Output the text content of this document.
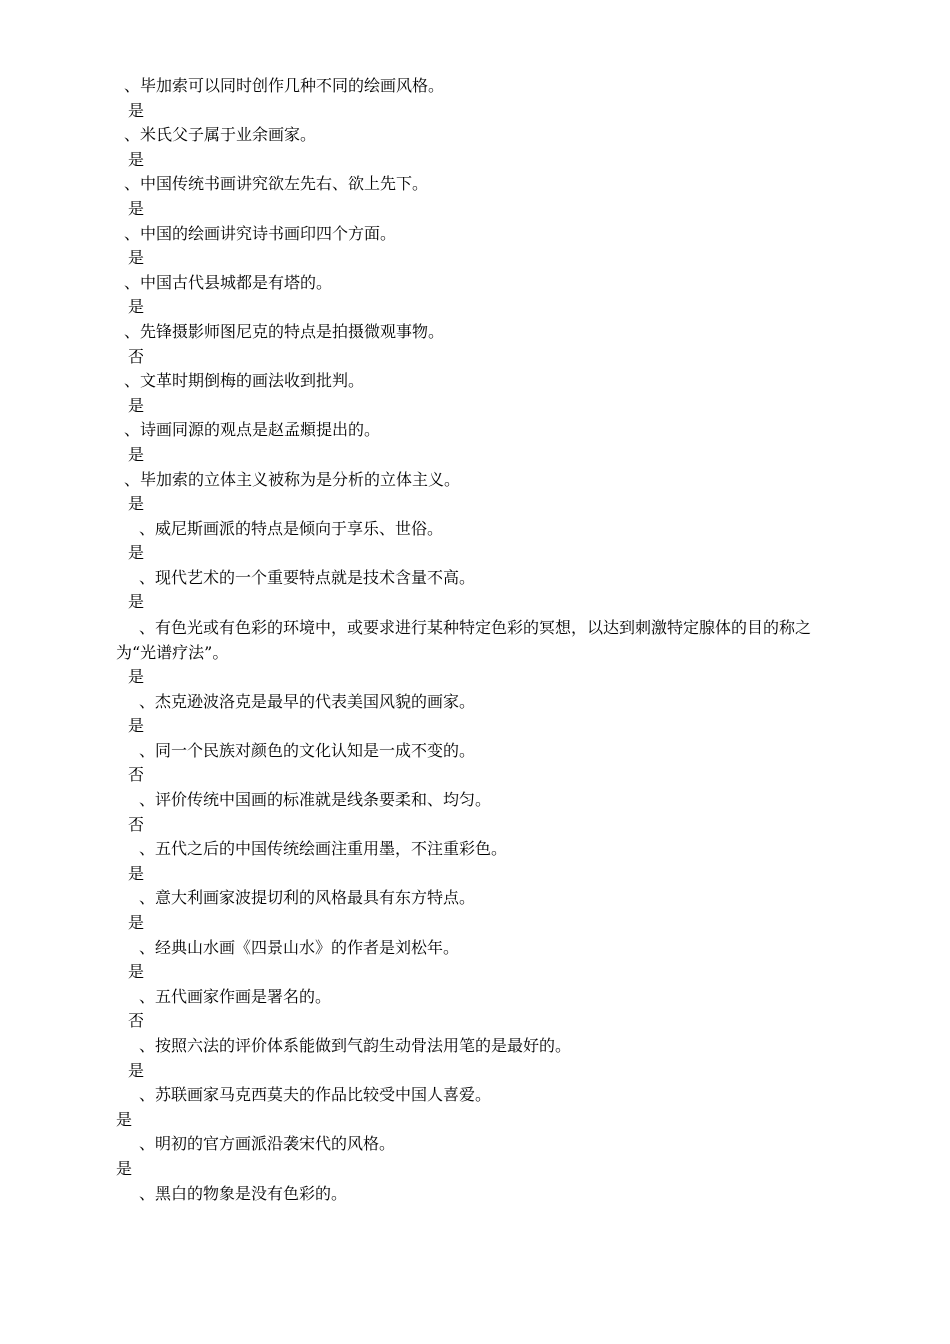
、毕加索可以同时创作几种不同的绘画风格。
是
、米氏父子属于业余画家。
是
、中国传统书画讲究欲左先右、欲上先下。
是
、中国的绘画讲究诗书画印四个方面。
是
、中国古代县城都是有塔的。
是
、先锋摄影师图尼克的特点是拍摄微观事物。
否
、文革时期倒梅的画法收到批判。
是
、诗画同源的观点是赵孟頫提出的。
是
、毕加索的立体主义被称为是分析的立体主义。
是
、威尼斯画派的特点是倾向于享乐、世俗。
是
、现代艺术的一个重要特点就是技术含量不高。
是
、有色光或有色彩的环境中，或要求进行某种特定色彩的冥想，以达到刺激特定腺体的目的称之为“光谱疗法”。
是
、杰克逊波洛克是最早的代表美国风貌的画家。
是
、同一个民族对颜色的文化认知是一成不变的。
否
、评价传统中国画的标准就是线条要柔和、均匀。
否
、五代之后的中国传统绘画注重用墨，不注重彩色。
是
、意大利画家波提切利的风格最具有东方特点。
是
、经典山水画《四景山水》的作者是刘松年。
是
、五代画家作画是署名的。
否
、按照六法的评价体系能做到气韵生动骨法用笔的是最好的。
是
、苏联画家马克西莫夫的作品比较受中国人喜爱。
是
、明初的官方画派沿袭宋代的风格。
是
、黑白的物象是没有色彩的。
